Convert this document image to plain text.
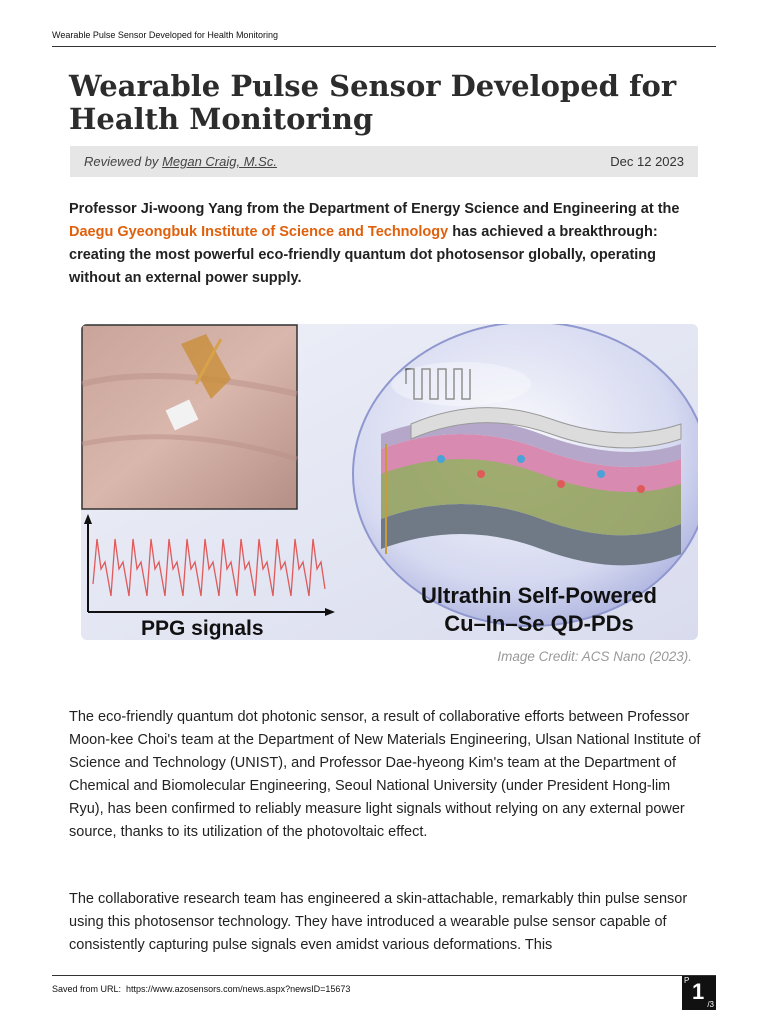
Wearable Pulse Sensor Developed for Health Monitoring
Wearable Pulse Sensor Developed for
Health Monitoring
Reviewed by Megan Craig, M.Sc.	Dec 12 2023

Professor Ji-woong Yang from the Department of Energy Science and Engineering at the Daegu Gyeongbuk Institute of Science and Technology has achieved a breakthrough: creating the most powerful eco-friendly quantum dot photosensor globally, operating without an external power supply.

PPG signals
Ultrathin Self-Powered
Cu–In–Se QD-PDs
Image Credit: ACS Nano (2023).

The eco-friendly quantum dot photonic sensor, a result of collaborative efforts between Professor Moon-kee Choi's team at the Department of New Materials Engineering, Ulsan National Institute of Science and Technology (UNIST), and Professor Dae-hyeong Kim's team at the Department of Chemical and Biomolecular Engineering, Seoul National University (under President Hong-lim Ryu), has been confirmed to reliably measure light signals without relying on any external power source, thanks to its utilization of the photovoltaic effect.

The collaborative research team has engineered a skin-attachable, remarkably thin pulse sensor using this photosensor technology. They have introduced a wearable pulse sensor capable of consistently capturing pulse signals even amidst various deformations. This

Saved from URL: https://www.azosensors.com/news.aspx?newsID=15673
P 1
/3
